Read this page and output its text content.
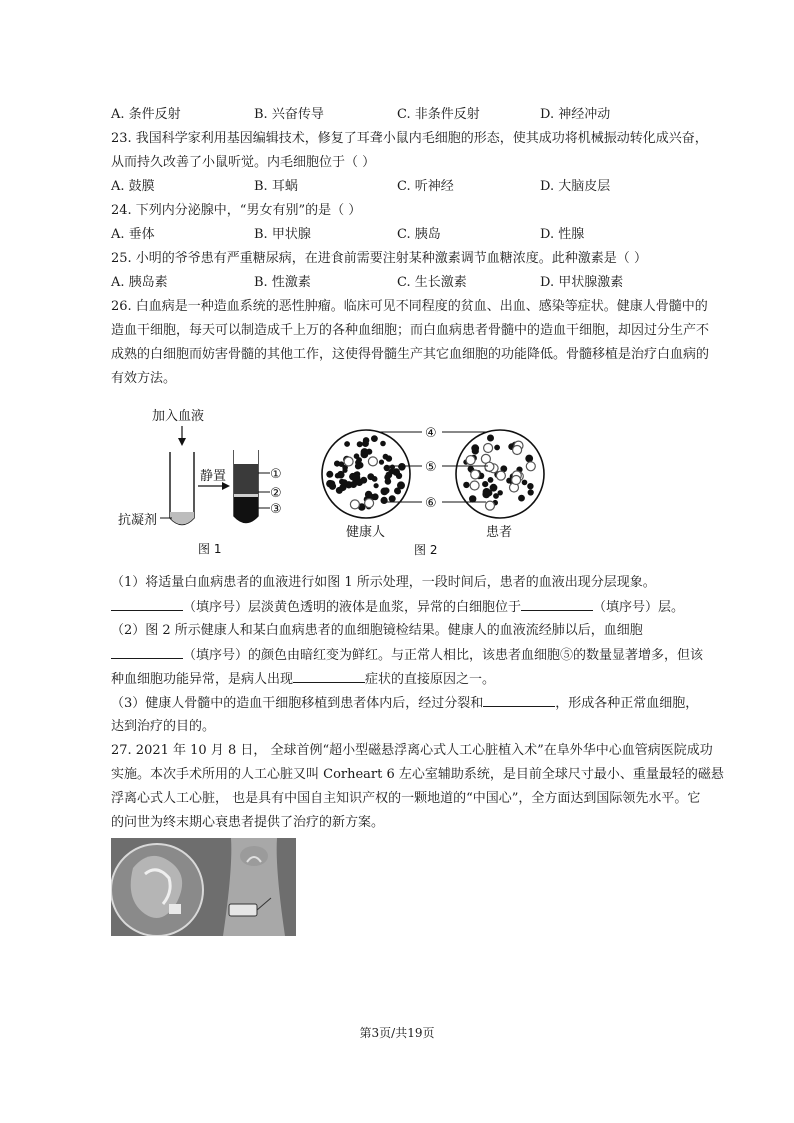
A. 条件反射	B. 兴奋传导	C. 非条件反射	D. 神经冲动
23. 我国科学家利用基因编辑技术，修复了耳聋小鼠内毛细胞的形态，使其成功将机械振动转化成兴奋，
从而持久改善了小鼠听觉。内毛细胞位于（ ）
A. 鼓膜	B. 耳蜗	C. 听神经	D. 大脑皮层
24. 下列内分泌腺中，“男女有别”的是（ ）
A. 垂体	B. 甲状腺	C. 胰岛	D. 性腺
25. 小明的爷爷患有严重糖尿病，在进食前需要注射某种激素调节血糖浓度。此种激素是（ ）
A. 胰岛素	B. 性激素	C. 生长激素	D. 甲状腺激素
26. 白血病是一种造血系统的恶性肿瘤。临床可见不同程度的贫血、出血、感染等症状。健康人骨髓中的
造血干细胞，每天可以制造成千上万的各种血细胞；而白血病患者骨髓中的造血干细胞，却因过分生产不
成熟的白细胞而妨害骨髓的其他工作，这使得骨髓生产其它血细胞的功能降低。骨髓移植是治疗白血病的
有效方法。
加入血液
抗凝剂
静置	①
②
③
图 1
④
⑤
⑥
健康人	患者
图 2
（1）将适量白血病患者的血液进行如图 1 所示处理，一段时间后，患者的血液出现分层现象。
（填序号）层淡黄色透明的液体是血浆，异常的白细胞位于	（填序号）层。
（2）图 2 所示健康人和某白血病患者的血细胞镜检结果。健康人的血液流经肺以后，血细胞
（填序号）的颜色由暗红变为鲜红。与正常人相比，该患者血细胞⑤的数量显著增多，但该
种血细胞功能异常，是病人出现	症状的直接原因之一。
（3）健康人骨髓中的造血干细胞移植到患者体内后，经过分裂和	，形成各种正常血细胞，
达到治疗的目的。
27. 2021 年 10 月 8 日， 全球首例“超小型磁悬浮离心式人工心脏植入术”在阜外华中心血管病医院成功
实施。本次手术所用的人工心脏又叫 Corheart 6 左心室辅助系统，是目前全球尺寸最小、重量最轻的磁悬
浮离心式人工心脏， 也是具有中国自主知识产权的一颗地道的“中国心”，全方面达到国际领先水平。它
的问世为终末期心衰患者提供了治疗的新方案。
第3页/共19页
